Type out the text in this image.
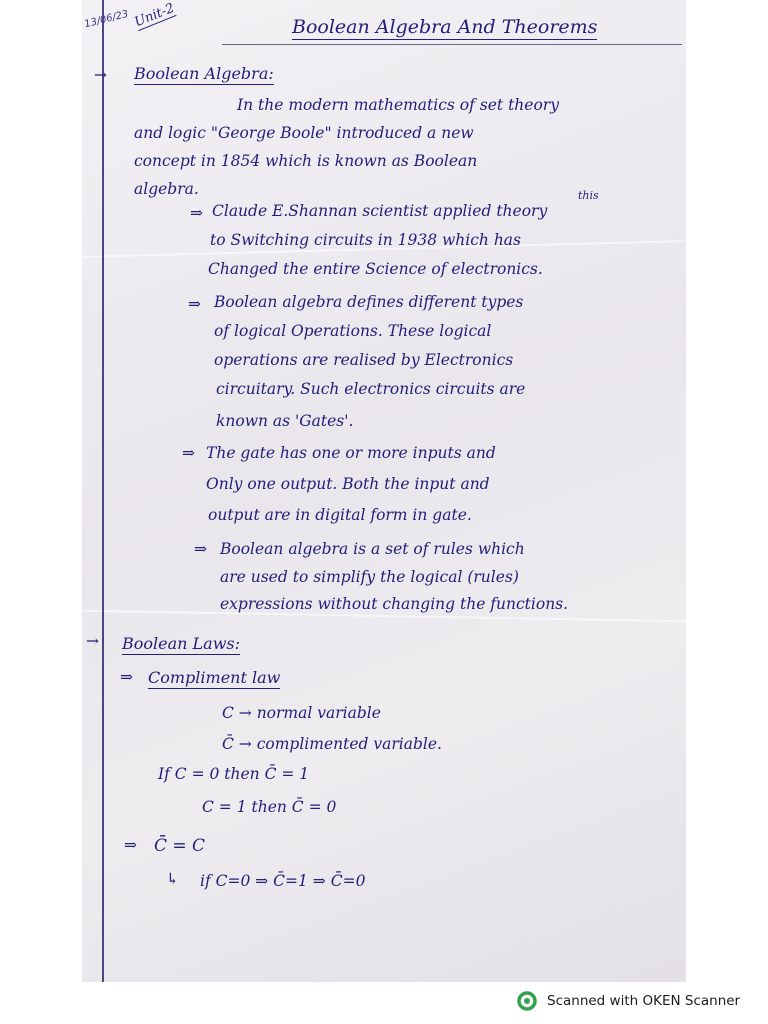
13/06/23 Unit-2	Boolean Algebra And Theorems

→ Boolean Algebra:

In the modern mathematics of set theory

and logic "George Boole" introduced a new

concept in 1854 which is known as Boolean

algebra.	this

⇒ Claude E.Shannan scientist applied theory

to Switching circuits in 1938 which has

Changed the entire Science of electronics.

⇒ Boolean algebra defines different types

of logical Operations. These logical

operations are realised by Electronics

circuitary. Such electronics circuits are

known as 'Gates'.

⇒ The gate has one or more inputs and

Only one output. Both the input and

output are in digital form in gate.

⇒ Boolean algebra is a set of rules which

are used to simplify the logical (rules)

expressions without changing the functions.

→ Boolean Laws:

⇒ Compliment law

C → normal variable

C̄ → complimented variable.

If C = 0 then C̄ = 1

C = 1 then C̄ = 0

⇒ C̄̄ = C

↳ if C=0 ⇒ C̄=1 ⇒ C̄̄=0

Scanned with OKEN Scanner
